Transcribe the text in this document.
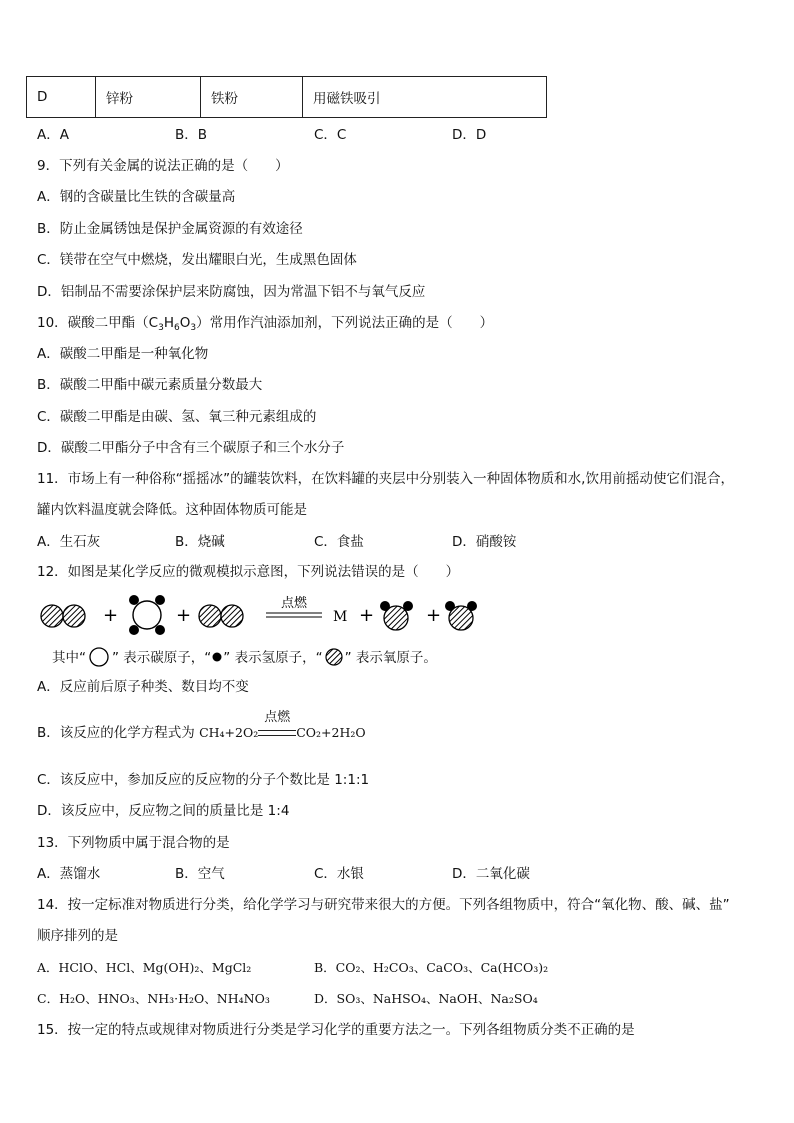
D	锌粉	铁粉	用磁铁吸引
A．A	B．B	C．C	D．D
9．下列有关金属的说法正确的是（　　）
A．钢的含碳量比生铁的含碳量高
B．防止金属锈蚀是保护金属资源的有效途径
C．镁带在空气中燃烧，发出耀眼白光，生成黑色固体
D．铝制品不需要涂保护层来防腐蚀，因为常温下铝不与氧气反应
10．碳酸二甲酯$(C_3H_6O_3)$常用作汽油添加剂，下列说法正确的是（　　）
A．碳酸二甲酯是一种氧化物
B．碳酸二甲酯中碳元素质量分数最大
C．碳酸二甲酯是由碳、氢、氧三种元素组成的
D．碳酸二甲酯分子中含有三个碳原子和三个水分子
11．市场上有一种俗称“摇摇冰”的罐装饮料，在饮料罐的夹层中分别装入一种固体物质和水,饮用前摇动使它们混合，
罐内饮料温度就会降低。这种固体物质可能是
A．生石灰	B．烧碱	C．食盐	D．硝酸铵
12．如图是某化学反应的微观模拟示意图，下列说法错误的是（　　）
+	+
点燃
M +	+
其中“ ” 表示碳原子，“ ” 表示氢原子，“ ” 表示氧原子。
A．反应前后原子种类、数目均不变
B．该反应的化学方程式为 CH₄+2O₂
点燃
CO₂+2H₂O
C．该反应中，参加反应的反应物的分子个数比是 1:1:1
D．该反应中，反应物之间的质量比是 1:4
13．下列物质中属于混合物的是
A．蒸馏水	B．空气	C．水银	D．二氧化碳
14．按一定标准对物质进行分类，给化学学习与研究带来很大的方便。下列各组物质中，符合“氧化物、酸、碱、盐”
顺序排列的是
A．HClO、HCl、Mg(OH)₂、MgCl₂	B．CO₂、H₂CO₃、CaCO₃、Ca(HCO₃)₂
C．H₂O、HNO₃、NH₃·H₂O、NH₄NO₃	D．SO₃、NaHSO₄、NaOH、Na₂SO₄
15．按一定的特点或规律对物质进行分类是学习化学的重要方法之一。下列各组物质分类不正确的是
